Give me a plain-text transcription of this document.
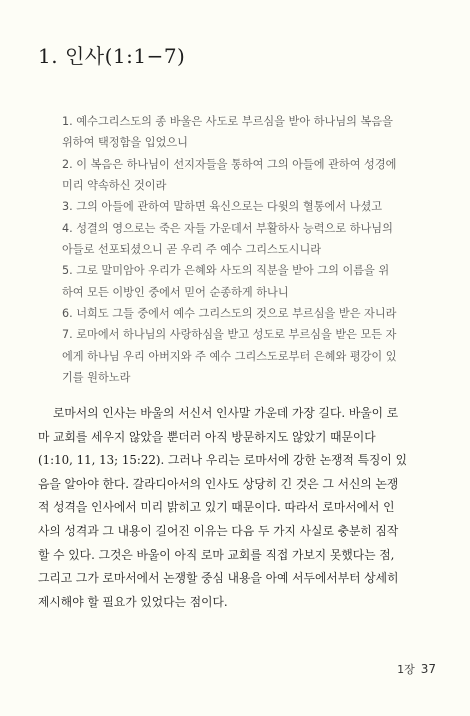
1. 인사(1:1−7)
1. 예수그리스도의 종 바울은 사도로 부르심을 받아 하나님의 복음을
위하여 택정함을 입었으니
2. 이 복음은 하나님이 선지자들을 통하여 그의 아들에 관하여 성경에
미리 약속하신 것이라
3. 그의 아들에 관하여 말하면 육신으로는 다윗의 혈통에서 나셨고
4. 성결의 영으로는 죽은 자들 가운데서 부활하사 능력으로 하나님의
아들로 선포되셨으니 곧 우리 주 예수 그리스도시니라
5. 그로 말미암아 우리가 은혜와 사도의 직분을 받아 그의 이름을 위
하여 모든 이방인 중에서 믿어 순종하게 하나니
6. 너희도 그들 중에서 예수 그리스도의 것으로 부르심을 받은 자니라
7. 로마에서 하나님의 사랑하심을 받고 성도로 부르심을 받은 모든 자
에게 하나님 우리 아버지와 주 예수 그리스도로부터 은혜와 평강이 있
기를 원하노라
로마서의 인사는 바울의 서신서 인사말 가운데 가장 길다. 바울이 로
마 교회를 세우지 않았을 뿐더러 아직 방문하지도 않았기 때문이다
(1:10, 11, 13; 15:22). 그러나 우리는 로마서에 강한 논쟁적 특징이 있
음을 알아야 한다. 갈라디아서의 인사도 상당히 긴 것은 그 서신의 논쟁
적 성격을 인사에서 미리 밝히고 있기 때문이다. 따라서 로마서에서 인
사의 성격과 그 내용이 길어진 이유는 다음 두 가지 사실로 충분히 짐작
할 수 있다. 그것은 바울이 아직 로마 교회를 직접 가보지 못했다는 점,
그리고 그가 로마서에서 논쟁할 중심 내용을 아예 서두에서부터 상세히
제시해야 할 필요가 있었다는 점이다.
1장 37
